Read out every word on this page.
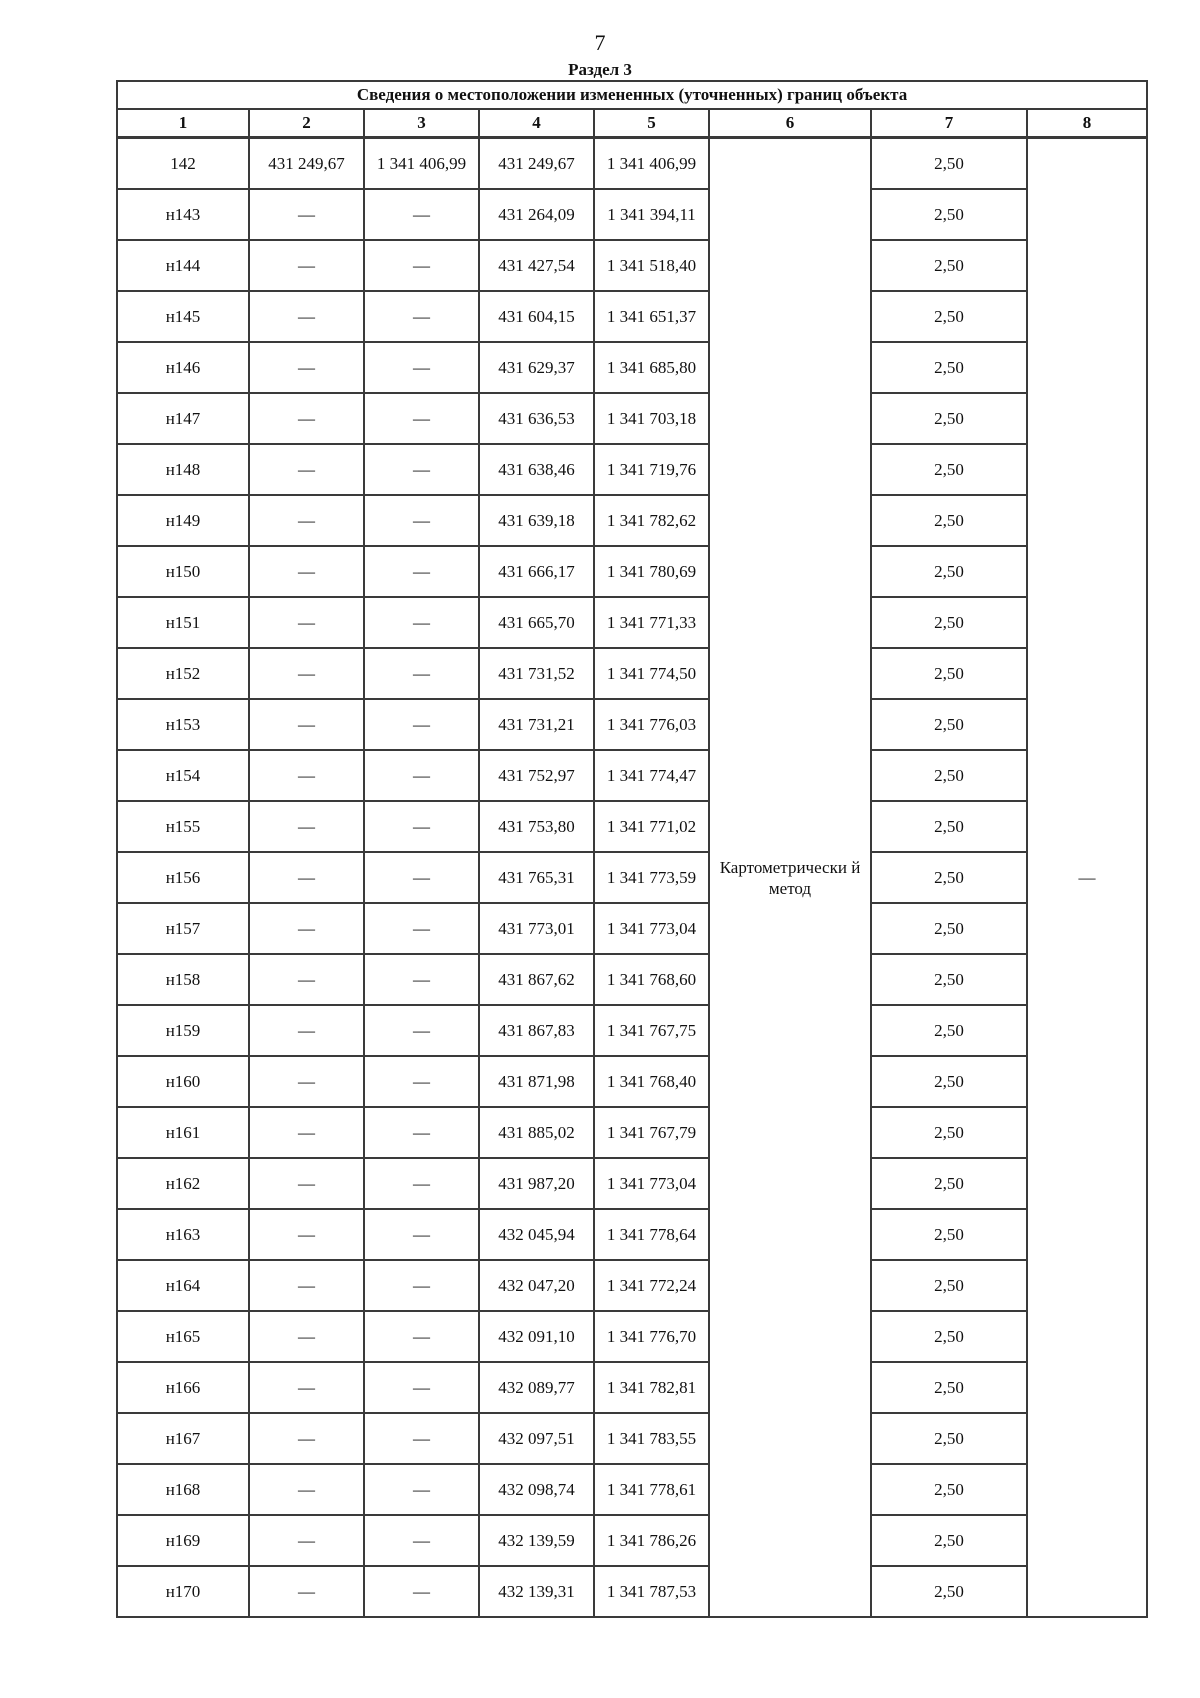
7
Раздел 3
Сведения о местоположении измененных (уточненных) границ объекта							
1	2	3	4	5	6	7	8
142	431 249,67	1 341 406,99	431 249,67	1 341 406,99	Картометрически й метод	2,50	—
н143	—	—	431 264,09	1 341 394,11		2,50	
н144	—	—	431 427,54	1 341 518,40		2,50	
н145	—	—	431 604,15	1 341 651,37		2,50	
н146	—	—	431 629,37	1 341 685,80		2,50	
н147	—	—	431 636,53	1 341 703,18		2,50	
н148	—	—	431 638,46	1 341 719,76		2,50	
н149	—	—	431 639,18	1 341 782,62		2,50	
н150	—	—	431 666,17	1 341 780,69		2,50	
н151	—	—	431 665,70	1 341 771,33		2,50	
н152	—	—	431 731,52	1 341 774,50		2,50	
н153	—	—	431 731,21	1 341 776,03		2,50	
н154	—	—	431 752,97	1 341 774,47		2,50	
н155	—	—	431 753,80	1 341 771,02		2,50	
н156	—	—	431 765,31	1 341 773,59		2,50	
н157	—	—	431 773,01	1 341 773,04		2,50	
н158	—	—	431 867,62	1 341 768,60		2,50	
н159	—	—	431 867,83	1 341 767,75		2,50	
н160	—	—	431 871,98	1 341 768,40		2,50	
н161	—	—	431 885,02	1 341 767,79		2,50	
н162	—	—	431 987,20	1 341 773,04		2,50	
н163	—	—	432 045,94	1 341 778,64		2,50	
н164	—	—	432 047,20	1 341 772,24		2,50	
н165	—	—	432 091,10	1 341 776,70		2,50	
н166	—	—	432 089,77	1 341 782,81		2,50	
н167	—	—	432 097,51	1 341 783,55		2,50	
н168	—	—	432 098,74	1 341 778,61		2,50	
н169	—	—	432 139,59	1 341 786,26		2,50	
н170	—	—	432 139,31	1 341 787,53		2,50	
